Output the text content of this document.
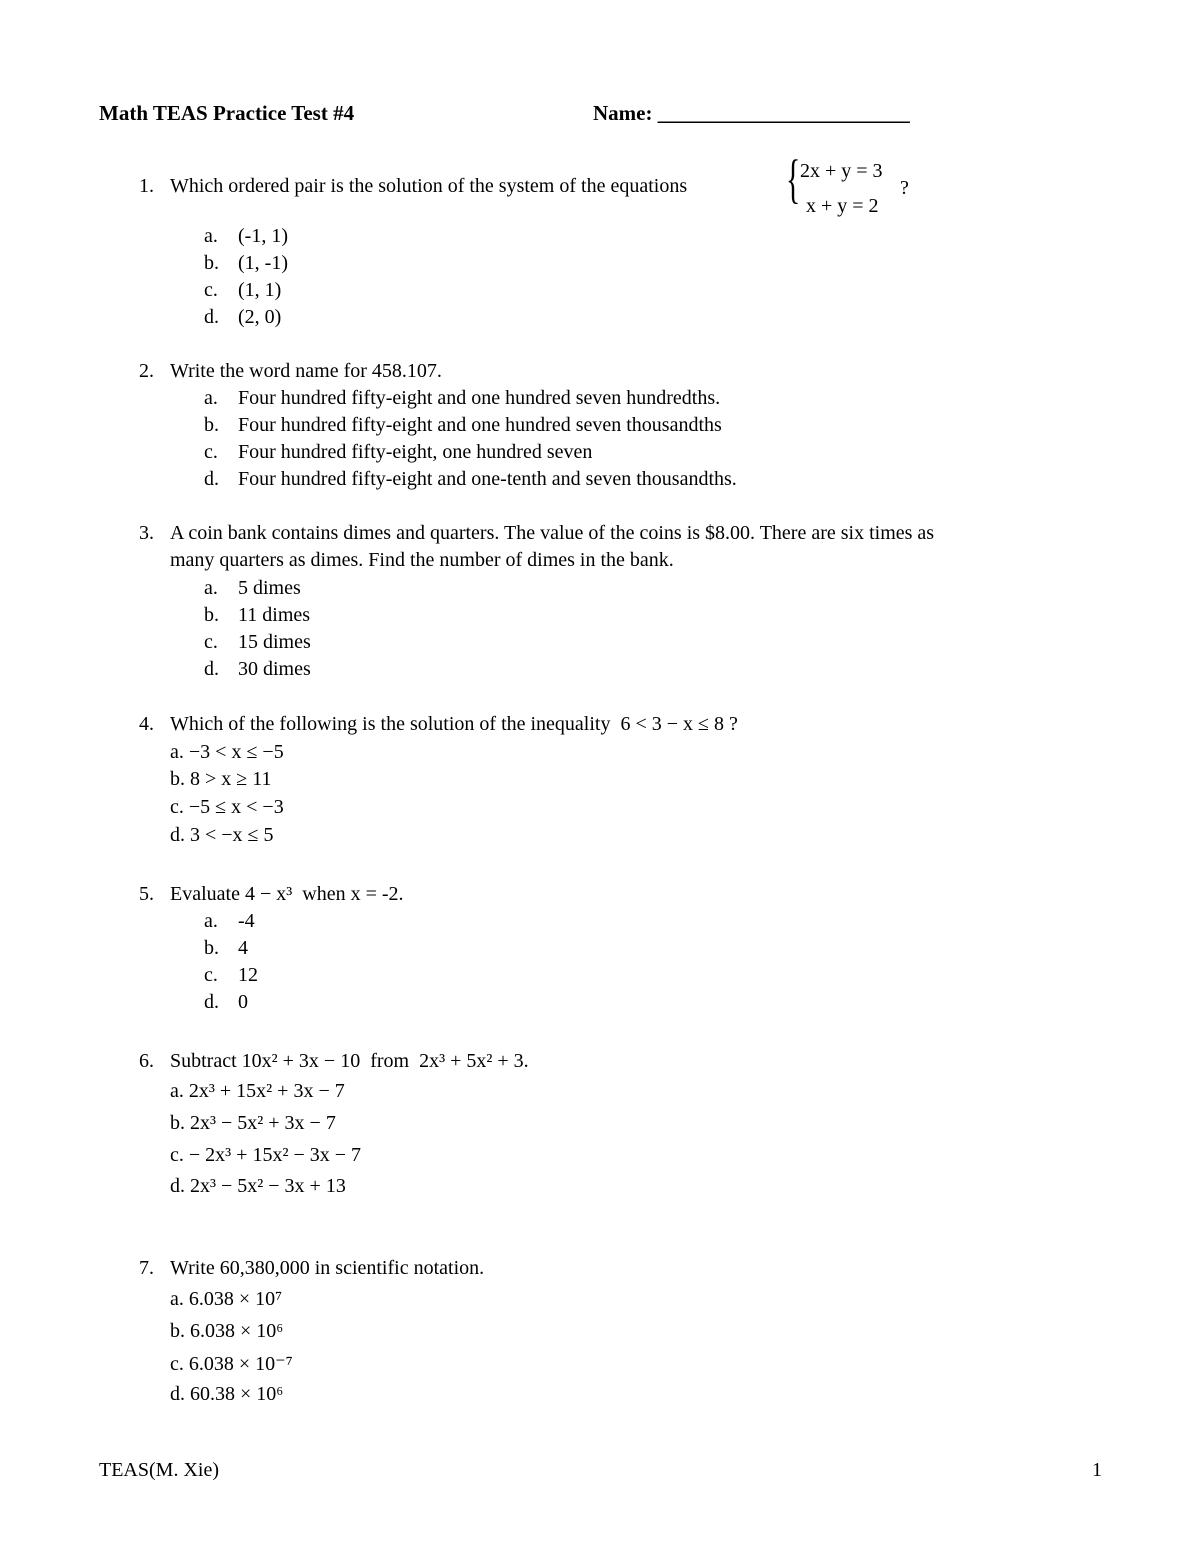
Math TEAS Practice Test #4	Name: ________________________
1. Which ordered pair is the solution of the system of the equations { 2x + y = 3
x + y = 2
?
a. (-1, 1)
b. (1, -1)
c. (1, 1)
d. (2, 0)
2. Write the word name for 458.107.
a. Four hundred fifty-eight and one hundred seven hundredths.
b. Four hundred fifty-eight and one hundred seven thousandths
c. Four hundred fifty-eight, one hundred seven
d. Four hundred fifty-eight and one-tenth and seven thousandths.
3. A coin bank contains dimes and quarters. The value of the coins is $8.00. There are six times as
many quarters as dimes. Find the number of dimes in the bank.
a. 5 dimes
b. 11 dimes
c. 15 dimes
d. 30 dimes
4. Which of the following is the solution of the inequality 6 < 3 − x ≤ 8 ?
a. −3 < x ≤ −5
b. 8 > x ≥ 11
c. −5 ≤ x < −3
d. 3 < −x ≤ 5
5. Evaluate 4 − x³ when x = -2.
a. -4
b. 4
c. 12
d. 0
6. Subtract 10x² + 3x − 10 from 2x³ + 5x² + 3.
a. 2x³ + 15x² + 3x − 7
b. 2x³ − 5x² + 3x − 7
c. − 2x³ + 15x² − 3x − 7
d. 2x³ − 5x² − 3x + 13
7. Write 60,380,000 in scientific notation.
a. 6.038 × 10⁷
b. 6.038 × 10⁶
c. 6.038 × 10⁻⁷
d. 60.38 × 10⁶
TEAS(M. Xie)	1
